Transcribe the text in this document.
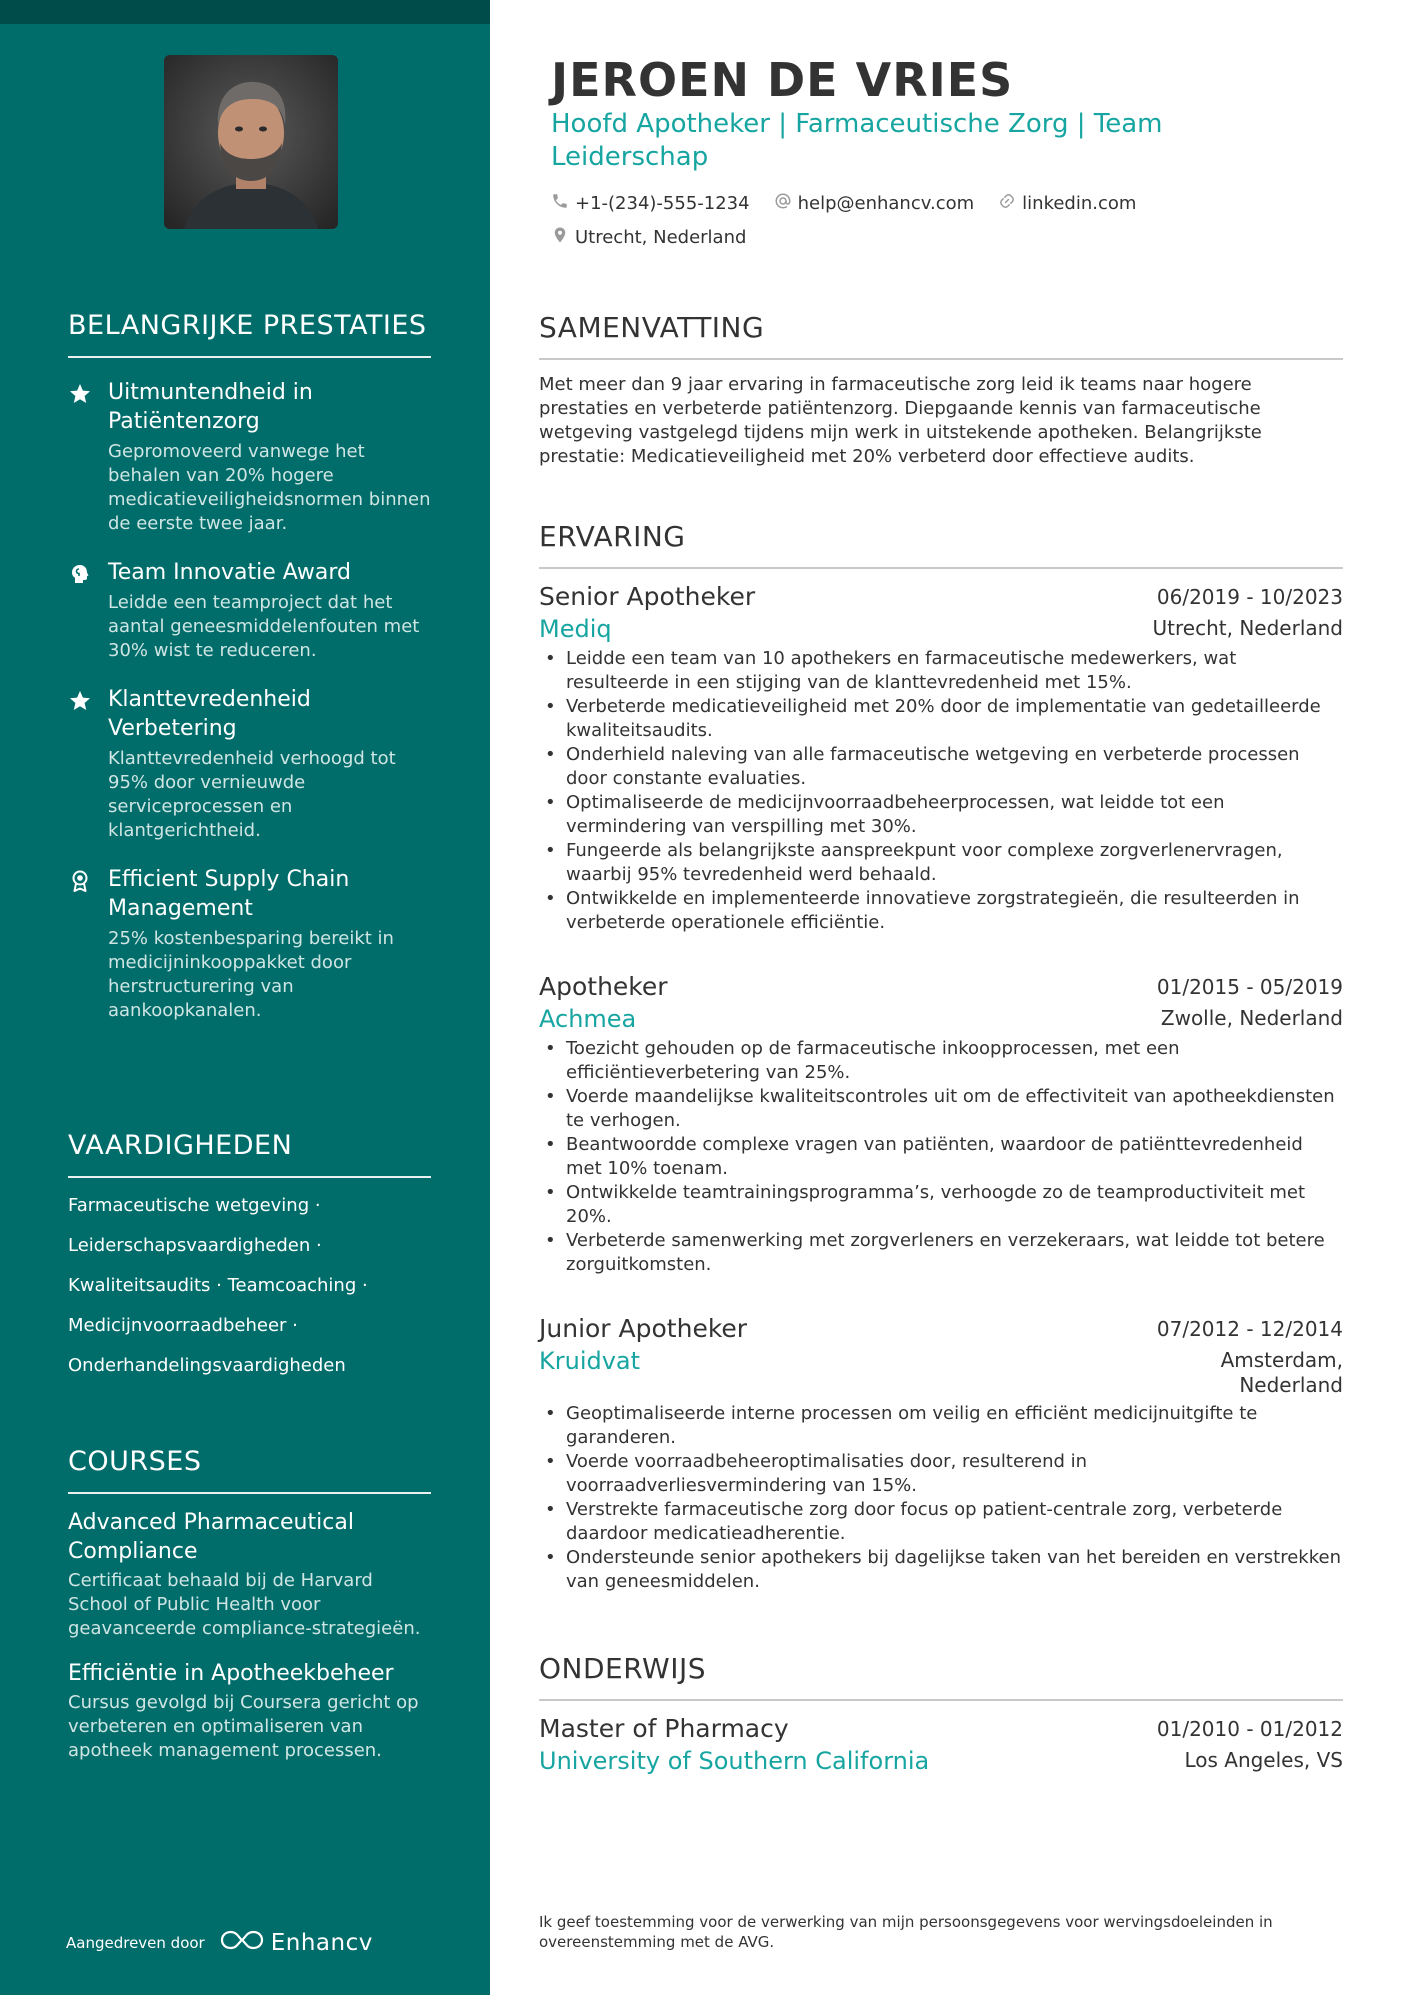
BELANGRIJKE PRESTATIES
Uitmuntendheid in Patiëntenzorg
Gepromoveerd vanwege het behalen van 20% hogere medicatieveiligheidsnormen binnen de eerste twee jaar.
Team Innovatie Award
Leidde een teamproject dat het aantal geneesmiddelenfouten met 30% wist te reduceren.
Klanttevredenheid Verbetering
Klanttevredenheid verhoogd tot 95% door vernieuwde serviceprocessen en klantgerichtheid.
Efficient Supply Chain Management
25% kostenbesparing bereikt in medicijninkooppakket door herstructurering van aankoopkanalen.
VAARDIGHEDEN
Farmaceutische wetgeving ·
Leiderschapsvaardigheden ·
Kwaliteitsaudits · Teamcoaching ·
Medicijnvoorraadbeheer ·
Onderhandelingsvaardigheden
COURSES
Advanced Pharmaceutical Compliance
Certificaat behaald bij de Harvard School of Public Health voor geavanceerde compliance-strategieën.
Efficiëntie in Apotheekbeheer
Cursus gevolgd bij Coursera gericht op verbeteren en optimaliseren van apotheek management processen.
Aangedreven door	Enhancv
JEROEN DE VRIES
Hoofd Apotheker | Farmaceutische Zorg | Team Leiderschap
+1-(234)-555-1234	help@enhancv.com	linkedin.com
Utrecht, Nederland
SAMENVATTING
Met meer dan 9 jaar ervaring in farmaceutische zorg leid ik teams naar hogere prestaties en verbeterde patiëntenzorg. Diepgaande kennis van farmaceutische wetgeving vastgelegd tijdens mijn werk in uitstekende apotheken. Belangrijkste prestatie: Medicatieveiligheid met 20% verbeterd door effectieve audits.
ERVARING
Senior Apotheker	06/2019 - 10/2023
Mediq	Utrecht, Nederland
• Leidde een team van 10 apothekers en farmaceutische medewerkers, wat resulteerde in een stijging van de klanttevredenheid met 15%.
• Verbeterde medicatieveiligheid met 20% door de implementatie van gedetailleerde kwaliteitsaudits.
• Onderhield naleving van alle farmaceutische wetgeving en verbeterde processen door constante evaluaties.
• Optimaliseerde de medicijnvoorraadbeheerprocessen, wat leidde tot een vermindering van verspilling met 30%.
• Fungeerde als belangrijkste aanspreekpunt voor complexe zorgverlenervragen, waarbij 95% tevredenheid werd behaald.
• Ontwikkelde en implementeerde innovatieve zorgstrategieën, die resulteerden in verbeterde operationele efficiëntie.
Apotheker	01/2015 - 05/2019
Achmea	Zwolle, Nederland
• Toezicht gehouden op de farmaceutische inkoopprocessen, met een efficiëntieverbetering van 25%.
• Voerde maandelijkse kwaliteitscontroles uit om de effectiviteit van apotheekdiensten te verhogen.
• Beantwoordde complexe vragen van patiënten, waardoor de patiënttevredenheid met 10% toenam.
• Ontwikkelde teamtrainingsprogramma’s, verhoogde zo de teamproductiviteit met 20%.
• Verbeterde samenwerking met zorgverleners en verzekeraars, wat leidde tot betere zorguitkomsten.
Junior Apotheker	07/2012 - 12/2014
Kruidvat	Amsterdam, Nederland
• Geoptimaliseerde interne processen om veilig en efficiënt medicijnuitgifte te garanderen.
• Voerde voorraadbeheeroptimalisaties door, resulterend in voorraadverliesvermindering van 15%.
• Verstrekte farmaceutische zorg door focus op patient-centrale zorg, verbeterde daardoor medicatieadherentie.
• Ondersteunde senior apothekers bij dagelijkse taken van het bereiden en verstrekken van geneesmiddelen.
ONDERWIJS
Master of Pharmacy	01/2010 - 01/2012
University of Southern California	Los Angeles, VS
Ik geef toestemming voor de verwerking van mijn persoonsgegevens voor wervingsdoeleinden in overeenstemming met de AVG.
